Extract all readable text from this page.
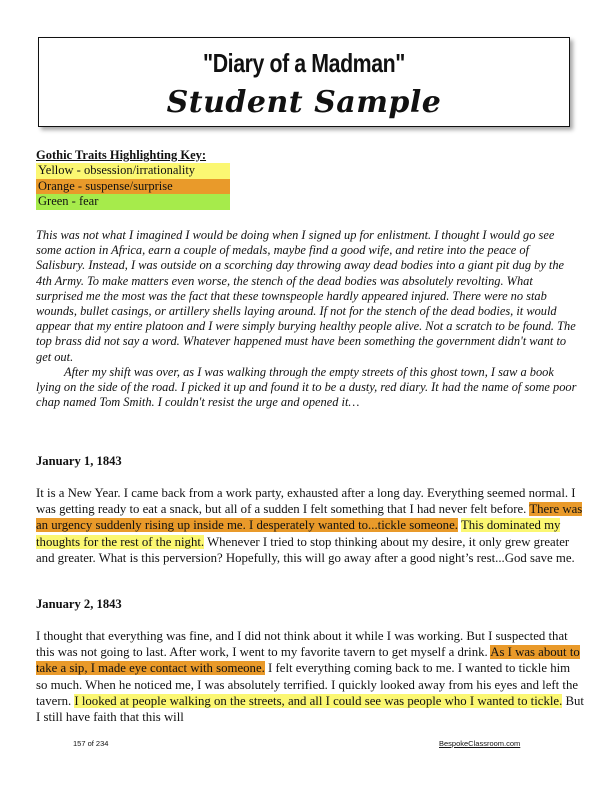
"Diary of a Madman"
Student Sample
Gothic Traits Highlighting Key:
Yellow - obsession/irrationality
Orange - suspense/surprise
Green - fear

This was not what I imagined I would be doing when I signed up for enlistment. I thought I would go see some action in Africa, earn a couple of medals, maybe find a good wife, and retire into the peace of Salisbury. Instead, I was outside on a scorching day throwing away dead bodies into a giant pit dug by the 4th Army. To make matters even worse, the stench of the dead bodies was absolutely revolting. What surprised me the most was the fact that these townspeople hardly appeared injured. There were no stab wounds, bullet casings, or artillery shells laying around. If not for the stench of the dead bodies, it would appear that my entire platoon and I were simply burying healthy people alive. Not a scratch to be found. The top brass did not say a word. Whatever happened must have been something the government didn't want to get out.

After my shift was over, as I was walking through the empty streets of this ghost town, I saw a book lying on the side of the road. I picked it up and found it to be a dusty, red diary. It had the name of some poor chap named Tom Smith. I couldn't resist the urge and opened it…

January 1, 1843

It is a New Year. I came back from a work party, exhausted after a long day. Everything seemed normal. I was getting ready to eat a snack, but all of a sudden I felt something that I had never felt before. There was an urgency suddenly rising up inside me. I desperately wanted to...tickle someone. This dominated my thoughts for the rest of the night. Whenever I tried to stop thinking about my desire, it only grew greater and greater. What is this perversion? Hopefully, this will go away after a good night’s rest...God save me.

January 2, 1843

I thought that everything was fine, and I did not think about it while I was working. But I suspected that this was not going to last. After work, I went to my favorite tavern to get myself a drink. As I was about to take a sip, I made eye contact with someone. I felt everything coming back to me. I wanted to tickle him so much. When he noticed me, I was absolutely terrified. I quickly looked away from his eyes and left the tavern. I looked at people walking on the streets, and all I could see was people who I wanted to tickle. But I still have faith that this will

157 of 234	BespokeClassroom.com
